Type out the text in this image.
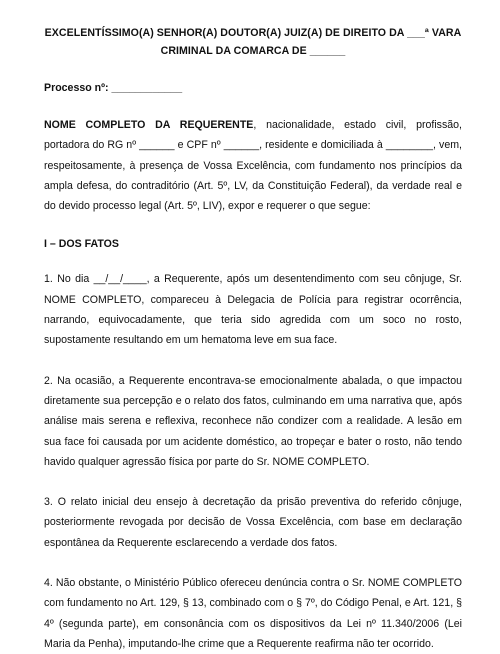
EXCELENTÍSSIMO(A) SENHOR(A) DOUTOR(A) JUIZ(A) DE DIREITO DA ___ª VARA
CRIMINAL DA COMARCA DE ______
Processo nº: ____________

NOME COMPLETO DA REQUERENTE, nacionalidade, estado civil, profissão, portadora do RG nº ______ e CPF nº ______, residente e domiciliada à ________, vem, respeitosamente, à presença de Vossa Excelência, com fundamento nos princípios da ampla defesa, do contraditório (Art. 5º, LV, da Constituição Federal), da verdade real e do devido processo legal (Art. 5º, LIV), expor e requerer o que segue:

I – DOS FATOS

1. No dia __/__/____, a Requerente, após um desentendimento com seu cônjuge, Sr. NOME COMPLETO, compareceu à Delegacia de Polícia para registrar ocorrência, narrando, equivocadamente, que teria sido agredida com um soco no rosto, supostamente resultando em um hematoma leve em sua face.

2. Na ocasião, a Requerente encontrava-se emocionalmente abalada, o que impactou diretamente sua percepção e o relato dos fatos, culminando em uma narrativa que, após análise mais serena e reflexiva, reconhece não condizer com a realidade. A lesão em sua face foi causada por um acidente doméstico, ao tropeçar e bater o rosto, não tendo havido qualquer agressão física por parte do Sr. NOME COMPLETO.

3. O relato inicial deu ensejo à decretação da prisão preventiva do referido cônjuge, posteriormente revogada por decisão de Vossa Excelência, com base em declaração espontânea da Requerente esclarecendo a verdade dos fatos.

4. Não obstante, o Ministério Público ofereceu denúncia contra o Sr. NOME COMPLETO com fundamento no Art. 129, § 13, combinado com o § 7º, do Código Penal, e Art. 121, § 4º (segunda parte), em consonância com os dispositivos da Lei nº 11.340/2006 (Lei Maria da Penha), imputando-lhe crime que a Requerente reafirma não ter ocorrido.
